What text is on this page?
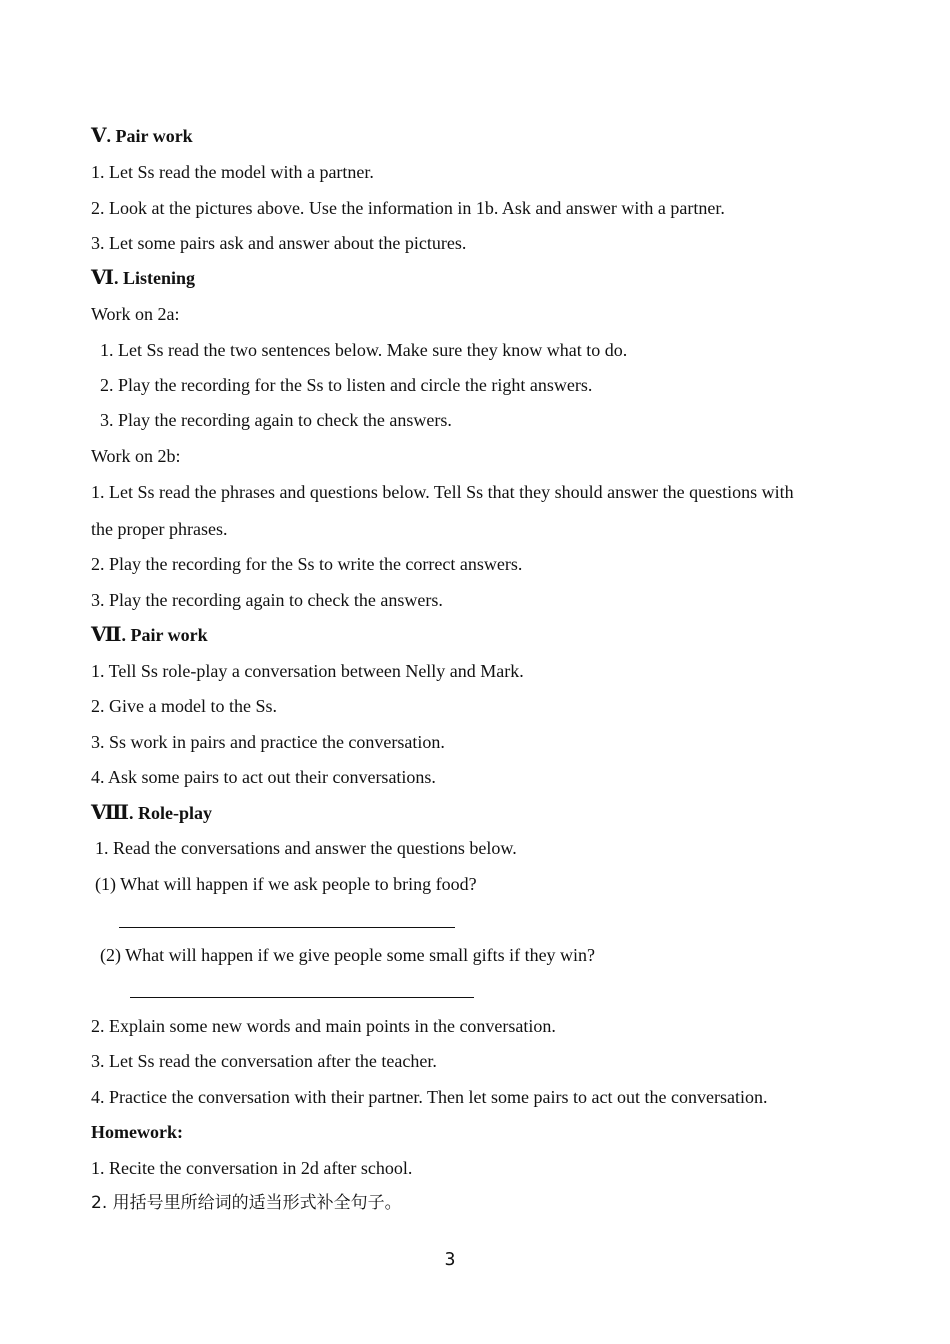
Ⅴ. Pair work
1. Let Ss read the model with a partner.
2. Look at the pictures above. Use the information in 1b. Ask and answer with a partner.
3. Let some pairs ask and answer about the pictures.
Ⅵ. Listening
Work on 2a:
1. Let Ss read the two sentences below. Make sure they know what to do.
2. Play the recording for the Ss to listen and circle the right answers.
3. Play the recording again to check the answers.
Work on 2b:
1. Let Ss read the phrases and questions below. Tell Ss that they should answer the questions with
the proper phrases.
2. Play the recording for the Ss to write the correct answers.
3. Play the recording again to check the answers.
Ⅶ. Pair work
1. Tell Ss role-play a conversation between Nelly and Mark.
2. Give a model to the Ss.
3. Ss work in pairs and practice the conversation.
4. Ask some pairs to act out their conversations.
Ⅷ. Role-play
1. Read the conversations and answer the questions below.
(1) What will happen if we ask people to bring food?
(2) What will happen if we give people some small gifts if they win?
2. Explain some new words and main points in the conversation.
3. Let Ss read the conversation after the teacher.
4. Practice the conversation with their partner. Then let some pairs to act out the conversation.
Homework:
1. Recite the conversation in 2d after school.
2. 用括号里所给词的适当形式补全句子。
3
